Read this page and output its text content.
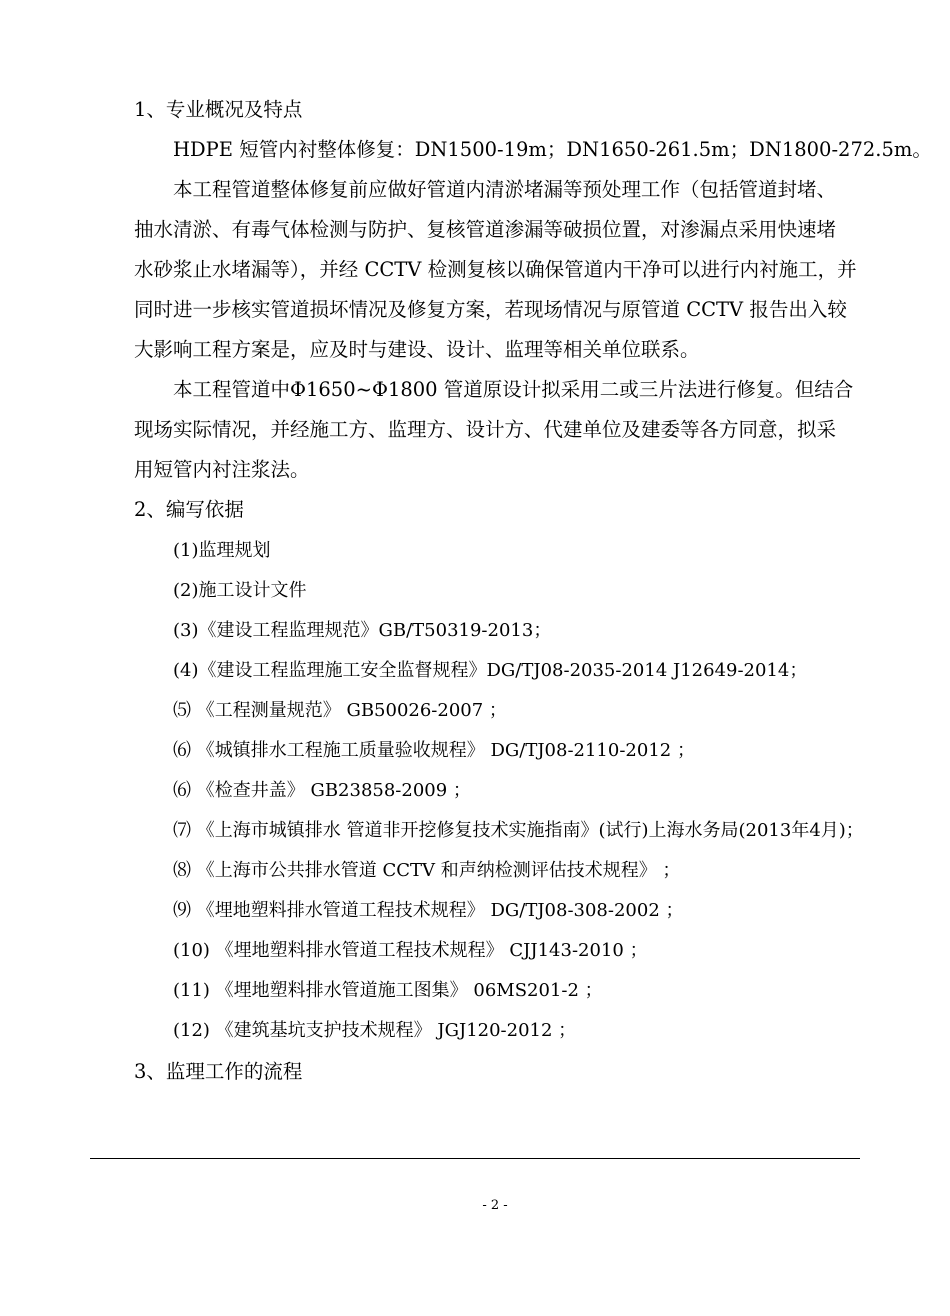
1、专业概况及特点
HDPE 短管内衬整体修复：DN1500-19m；DN1650-261.5m；DN1800-272.5m。
本工程管道整体修复前应做好管道内清淤堵漏等预处理工作（包括管道封堵、
抽水清淤、有毒气体检测与防护、复核管道渗漏等破损位置，对渗漏点采用快速堵
水砂浆止水堵漏等），并经 CCTV 检测复核以确保管道内干净可以进行内衬施工，并
同时进一步核实管道损坏情况及修复方案，若现场情况与原管道 CCTV 报告出入较
大影响工程方案是，应及时与建设、设计、监理等相关单位联系。
本工程管道中Φ1650~Φ1800 管道原设计拟采用二或三片法进行修复。但结合
现场实际情况，并经施工方、监理方、设计方、代建单位及建委等各方同意，拟采
用短管内衬注浆法。
2、编写依据
(1)监理规划
(2)施工设计文件
(3)《建设工程监理规范》GB/T50319-2013；
(4)《建设工程监理施工安全监督规程》DG/TJ08-2035-2014 J12649-2014；
⑸ 《工程测量规范》 GB50026-2007 ；
⑹ 《城镇排水工程施工质量验收规程》 DG/TJ08-2110-2012 ；
⑹ 《检查井盖》 GB23858-2009 ；
⑺ 《上海市城镇排水 管道非开挖修复技术实施指南》(试行)上海水务局(2013年4月)；
⑻ 《上海市公共排水管道 CCTV 和声纳检测评估技术规程》 ；
⑼ 《埋地塑料排水管道工程技术规程》 DG/TJ08-308-2002 ；
(10) 《埋地塑料排水管道工程技术规程》 CJJ143-2010 ；
(11) 《埋地塑料排水管道施工图集》 06MS201-2 ；
(12) 《建筑基坑支护技术规程》 JGJ120-2012 ；
3、监理工作的流程
- 2 -
